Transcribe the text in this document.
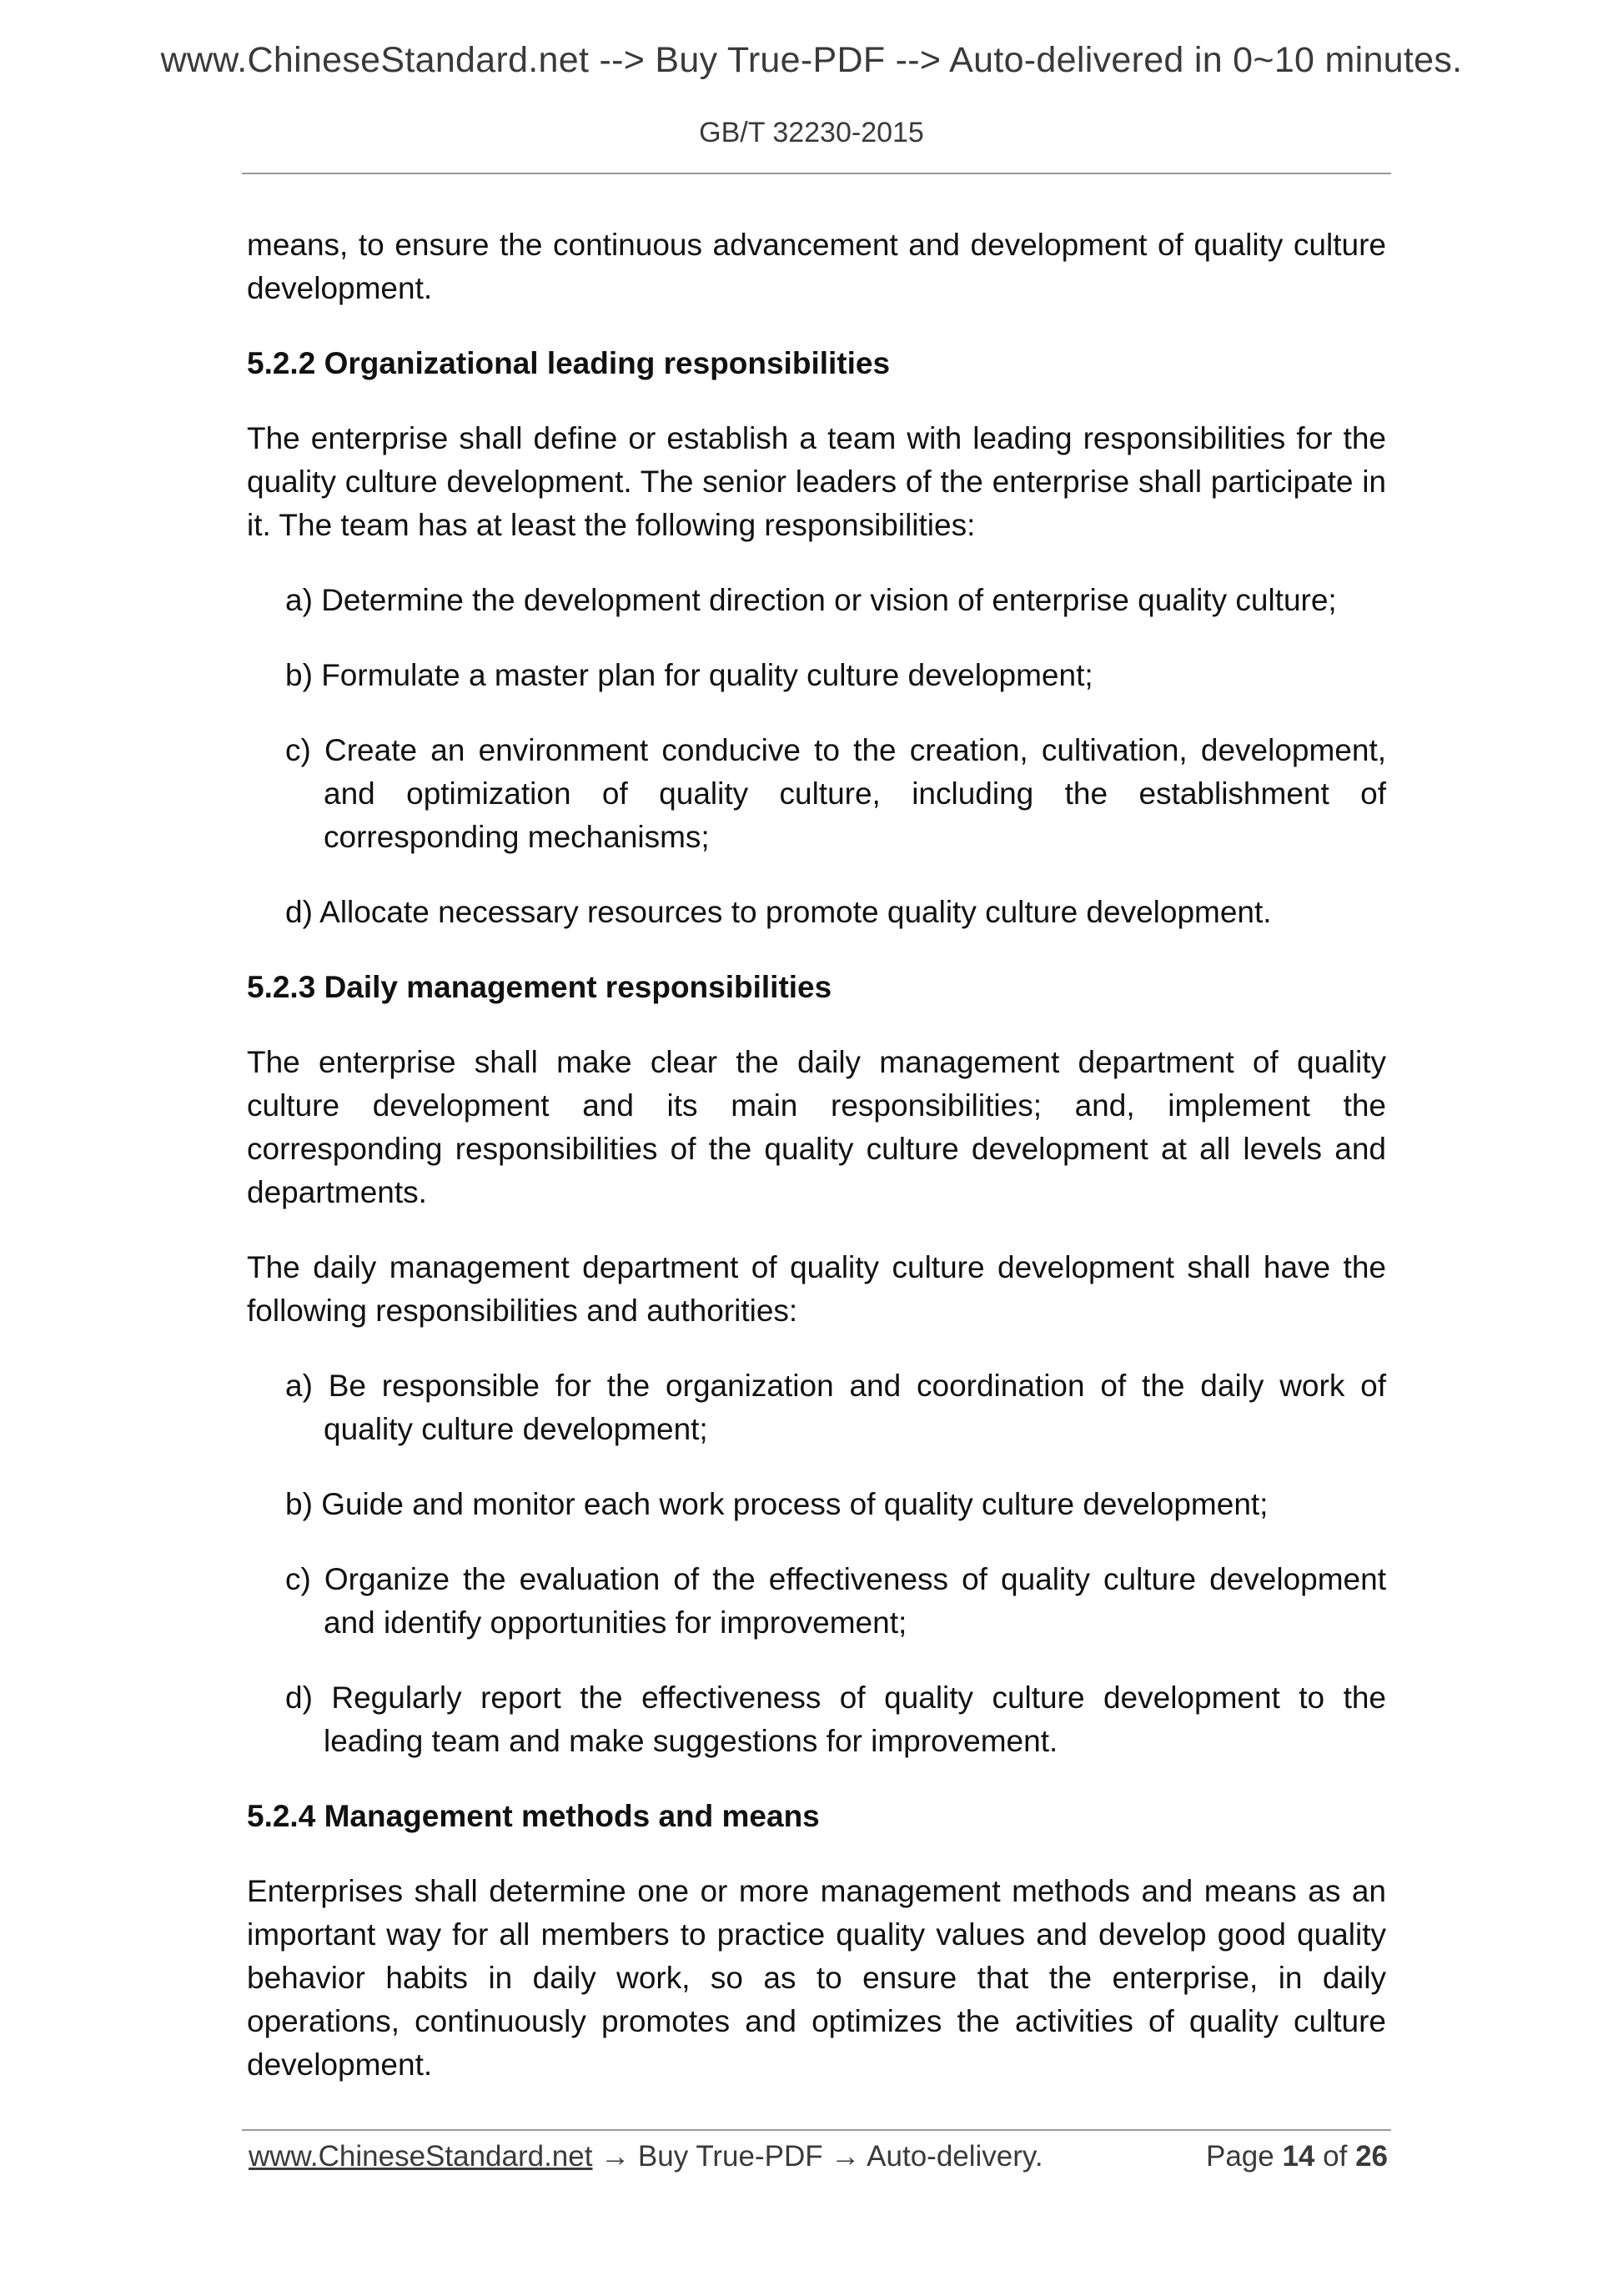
www.ChineseStandard.net --> Buy True-PDF --> Auto-delivered in 0~10 minutes.
GB/T 32230-2015

means, to ensure the continuous advancement and development of quality culture development.

5.2.2 Organizational leading responsibilities

The enterprise shall define or establish a team with leading responsibilities for the quality culture development. The senior leaders of the enterprise shall participate in it. The team has at least the following responsibilities:

a) Determine the development direction or vision of enterprise quality culture;
b) Formulate a master plan for quality culture development;
c) Create an environment conducive to the creation, cultivation, development, and optimization of quality culture, including the establishment of corresponding mechanisms;
d) Allocate necessary resources to promote quality culture development.
5.2.3 Daily management responsibilities

The enterprise shall make clear the daily management department of quality culture development and its main responsibilities; and, implement the corresponding responsibilities of the quality culture development at all levels and departments.

The daily management department of quality culture development shall have the following responsibilities and authorities:

a) Be responsible for the organization and coordination of the daily work of quality culture development;
b) Guide and monitor each work process of quality culture development;
c) Organize the evaluation of the effectiveness of quality culture development and identify opportunities for improvement;
d) Regularly report the effectiveness of quality culture development to the leading team and make suggestions for improvement.
5.2.4 Management methods and means

Enterprises shall determine one or more management methods and means as an important way for all members to practice quality values and develop good quality behavior habits in daily work, so as to ensure that the enterprise, in daily operations, continuously promotes and optimizes the activities of quality culture development.

www.ChineseStandard.net → Buy True-PDF → Auto-delivery.	Page 14 of 26
